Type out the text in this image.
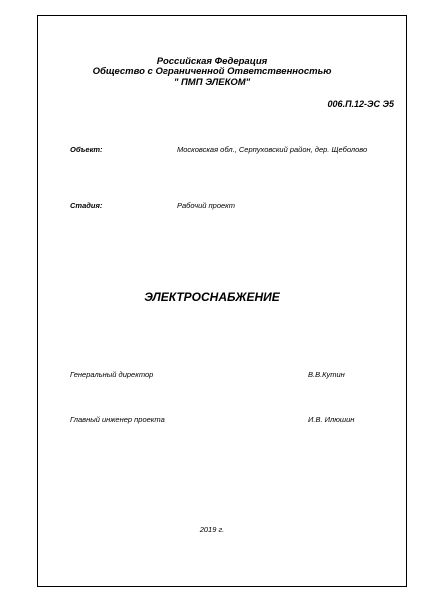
Российская Федерация
Общество с Ограниченной Ответственностью
" ПМП ЭЛЕКОМ"
006.П.12-ЭС Э5
Объект:	Московская обл., Серпуховский район, дер. Щеболово
Стадия:	Рабочий проект
ЭЛЕКТРОСНАБЖЕНИЕ
Генеральный директор	В.В.Кутин
Главный инженер проекта	И.В. Илюшин
2019 г.
